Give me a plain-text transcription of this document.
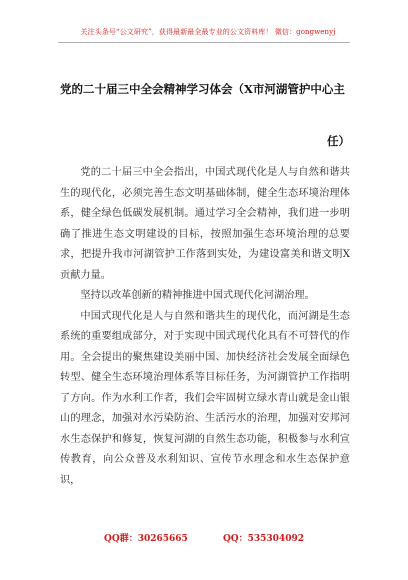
关注头条号“公文研究”，获得最新最全最专业的公文资料库！ 微信：gongwenyj
党的二十届三中全会精神学习体会（X市河湖管护中心主
任）

党的二十届三中全会指出，中国式现代化是人与自然和谐共生的现代化，必须完善生态文明基础体制，健全生态环境治理体系，健全绿色低碳发展机制。通过学习全会精神，我们进一步明确了推进生态文明建设的目标，按照加强生态环境治理的总要求，把提升我市河湖管护工作落到实处，为建设富美和谐文明X贡献力量。

坚持以改革创新的精神推进中国式现代化河湖治理。

中国式现代化是人与自然和谐共生的现代化，而河湖是生态系统的重要组成部分，对于实现中国式现代化具有不可替代的作用。全会提出的聚焦建设美丽中国、加快经济社会发展全面绿色转型、健全生态环境治理体系等目标任务，为河湖管护工作指明了方向。作为水利工作者，我们会牢固树立绿水青山就是金山银山的理念，加强对水污染防治、生活污水的治理，加强对安邦河水生态保护和修复，恢复河湖的自然生态功能，积极参与水利宣传教育，向公众普及水利知识、宣传节水理念和水生态保护意识，

QQ群：30265665	QQ：535304092
